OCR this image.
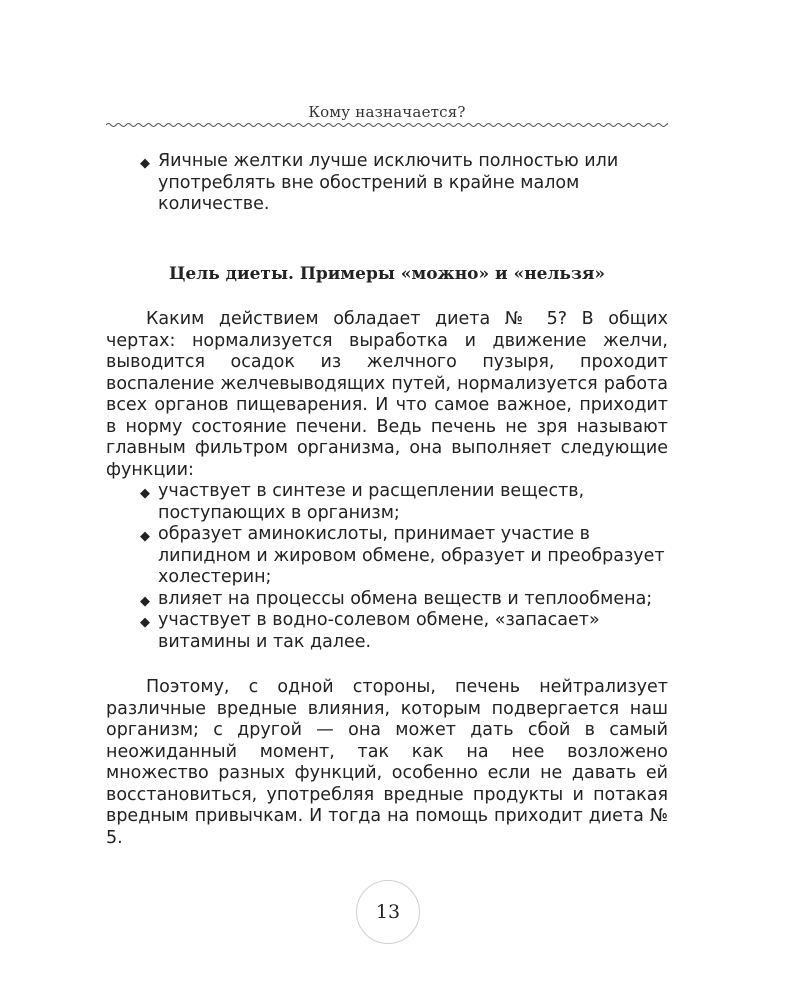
Кому назначается?
◆ Яичные желтки лучше исключить полностью или употреблять вне обострений в крайне малом количестве.
Цель диеты. Примеры «можно» и «нельзя»

Каким действием обладает диета № 5? В общих чертах: нормализуется выработка и движение желчи, выводится осадок из желчного пузыря, проходит воспаление желчевыводящих путей, нормализуется работа всех органов пищеварения. И что самое важное, приходит в норму состояние печени. Ведь печень не зря называют главным фильтром организма, она выполняет следующие функции:

◆ участвует в синтезе и расщеплении веществ, поступающих в организм;
◆ образует аминокислоты, принимает участие в липидном и жировом обмене, образует и преобразует холестерин;
◆ влияет на процессы обмена веществ и теплообмена;
◆ участвует в водно-солевом обмене, «запасает» витамины и так далее.

Поэтому, с одной стороны, печень нейтрализует различные вредные влияния, которым подвергается наш организм; с другой — она может дать сбой в самый неожиданный момент, так как на нее возложено множество разных функций, особенно если не давать ей восстановиться, употребляя вредные продукты и потакая вредным привычкам. И тогда на помощь приходит диета № 5.

13
